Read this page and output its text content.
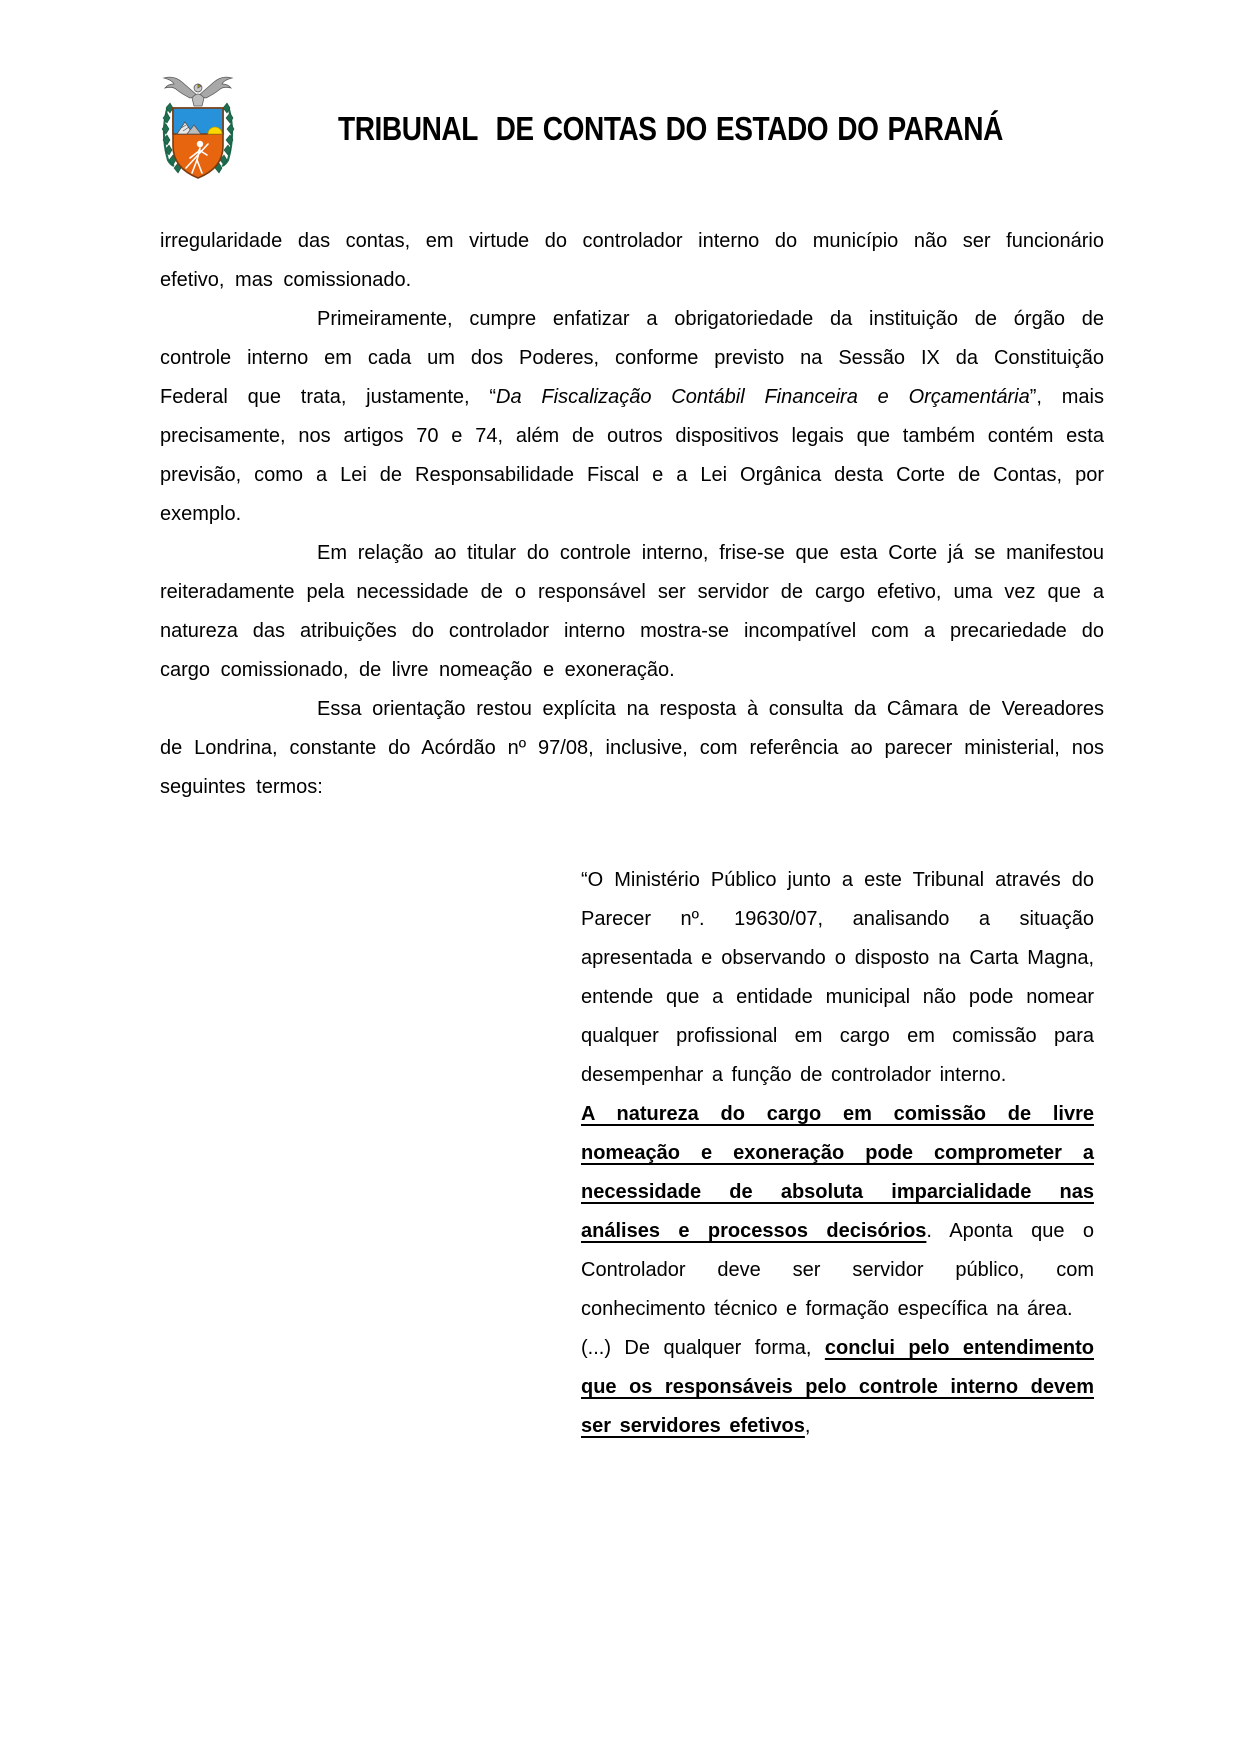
TRIBUNAL  DE CONTAS DO ESTADO DO PARANÁ

irregularidade das contas, em virtude do controlador interno do município não ser funcionário efetivo, mas comissionado.

Primeiramente, cumpre enfatizar a obrigatoriedade da instituição de órgão de controle interno em cada um dos Poderes, conforme previsto na Sessão IX da Constituição Federal que trata, justamente, “Da Fiscalização Contábil Financeira e Orçamentária”, mais precisamente, nos artigos 70 e 74, além de outros dispositivos legais que também contém esta previsão, como a Lei de Responsabilidade Fiscal e a Lei Orgânica desta Corte de Contas, por exemplo.

Em relação ao titular do controle interno, frise-se que esta Corte já se manifestou reiteradamente pela necessidade de o responsável ser servidor de cargo efetivo, uma vez que a natureza das atribuições do controlador interno mostra-se incompatível com a precariedade do cargo comissionado, de livre nomeação e exoneração.

Essa orientação restou explícita na resposta à consulta da Câmara de Vereadores de Londrina, constante do Acórdão nº 97/08, inclusive, com referência ao parecer ministerial, nos seguintes termos:

“O Ministério Público junto a este Tribunal através do Parecer nº. 19630/07, analisando a situação apresentada e observando o disposto na Carta Magna, entende que a entidade municipal não pode nomear qualquer profissional em cargo em comissão para desempenhar a função de controlador interno.

A natureza do cargo em comissão de livre nomeação e exoneração pode comprometer a necessidade de absoluta imparcialidade nas análises e processos decisórios. Aponta que o Controlador deve ser servidor público, com conhecimento técnico e formação específica na área.

(...) De qualquer forma, conclui pelo entendimento que os responsáveis pelo controle interno devem ser servidores efetivos,
